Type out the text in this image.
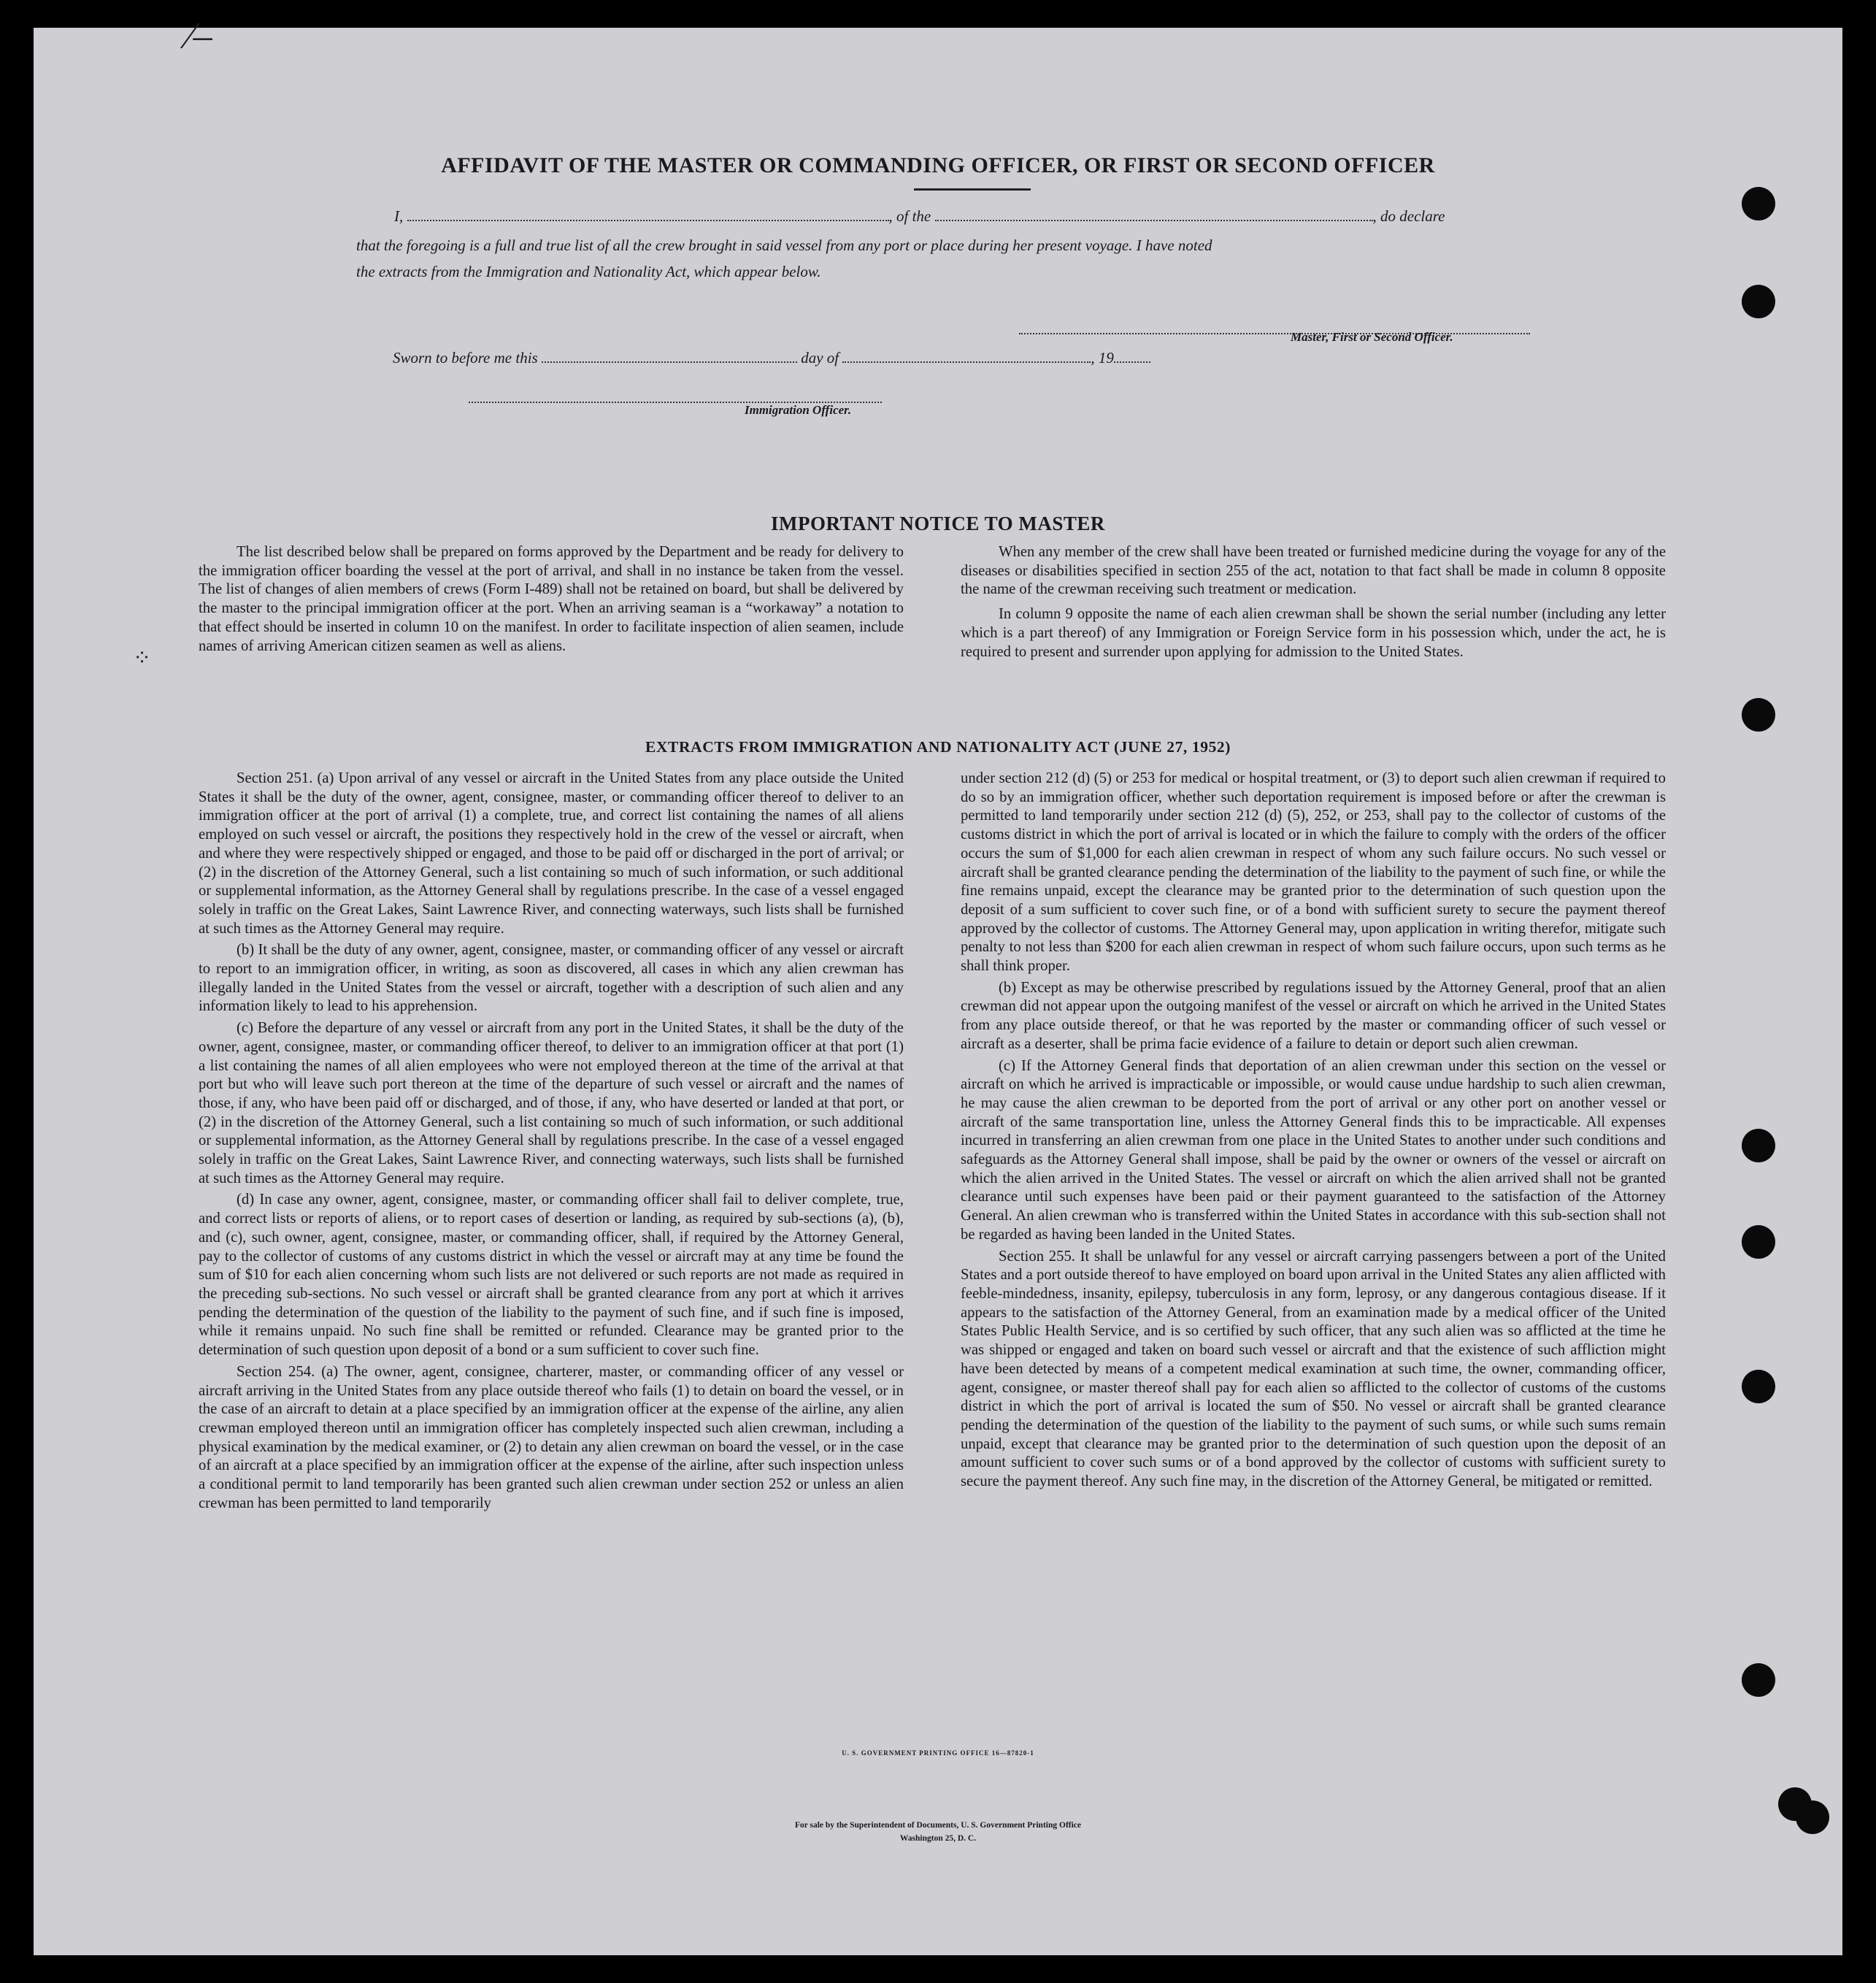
⁄–
AFFIDAVIT OF THE MASTER OR COMMANDING OFFICER, OR FIRST OR SECOND OFFICER
I,	, of the	, do declare
that the foregoing is a full and true list of all the crew brought in said vessel from any port or place during her present voyage. I have noted
the extracts from the Immigration and Nationality Act, which appear below.
Master, First or Second Officer.
Sworn to before me this	day of	, 19
Immigration Officer.
IMPORTANT NOTICE TO MASTER

The list described below shall be prepared on forms approved by the Department and be ready for delivery to the immigration officer boarding the vessel at the port of arrival, and shall in no instance be taken from the vessel. The list of changes of alien members of crews (Form I-489) shall not be retained on board, but shall be delivered by the master to the principal immigration officer at the port. When an arriving seaman is a “workaway” a notation to that effect should be inserted in column 10 on the manifest. In order to facilitate inspection of alien seamen, include names of arriving American citizen seamen as well as aliens.

When any member of the crew shall have been treated or furnished medicine during the voyage for any of the diseases or disabilities specified in section 255 of the act, notation to that fact shall be made in column 8 opposite the name of the crewman receiving such treatment or medication.

In column 9 opposite the name of each alien crewman shall be shown the serial number (including any letter which is a part thereof) of any Immigration or Foreign Service form in his possession which, under the act, he is required to present and surrender upon applying for admission to the United States.

⁘
EXTRACTS FROM IMMIGRATION AND NATIONALITY ACT (JUNE 27, 1952)

Section 251. (a) Upon arrival of any vessel or aircraft in the United States from any place outside the United States it shall be the duty of the owner, agent, consignee, master, or commanding officer thereof to deliver to an immigration officer at the port of arrival (1) a complete, true, and correct list containing the names of all aliens employed on such vessel or aircraft, the positions they respectively hold in the crew of the vessel or aircraft, when and where they were respectively shipped or engaged, and those to be paid off or discharged in the port of arrival; or (2) in the discretion of the Attorney General, such a list containing so much of such information, or such additional or supplemental information, as the Attorney General shall by regulations prescribe. In the case of a vessel engaged solely in traffic on the Great Lakes, Saint Lawrence River, and connecting waterways, such lists shall be furnished at such times as the Attorney General may require.

(b) It shall be the duty of any owner, agent, consignee, master, or commanding officer of any vessel or aircraft to report to an immigration officer, in writing, as soon as discovered, all cases in which any alien crewman has illegally landed in the United States from the vessel or aircraft, together with a description of such alien and any information likely to lead to his apprehension.

(c) Before the departure of any vessel or aircraft from any port in the United States, it shall be the duty of the owner, agent, consignee, master, or commanding officer thereof, to deliver to an immigration officer at that port (1) a list containing the names of all alien employees who were not employed thereon at the time of the arrival at that port but who will leave such port thereon at the time of the departure of such vessel or aircraft and the names of those, if any, who have been paid off or discharged, and of those, if any, who have deserted or landed at that port, or (2) in the discretion of the Attorney General, such a list containing so much of such information, or such additional or supplemental information, as the Attorney General shall by regulations prescribe. In the case of a vessel engaged solely in traffic on the Great Lakes, Saint Lawrence River, and connecting waterways, such lists shall be furnished at such times as the Attorney General may require.

(d) In case any owner, agent, consignee, master, or commanding officer shall fail to deliver complete, true, and correct lists or reports of aliens, or to report cases of desertion or landing, as required by sub-sections (a), (b), and (c), such owner, agent, consignee, master, or commanding officer, shall, if required by the Attorney General, pay to the collector of customs of any customs district in which the vessel or aircraft may at any time be found the sum of $10 for each alien concerning whom such lists are not delivered or such reports are not made as required in the preceding sub-sections. No such vessel or aircraft shall be granted clearance from any port at which it arrives pending the determination of the question of the liability to the payment of such fine, and if such fine is imposed, while it remains unpaid. No such fine shall be remitted or refunded. Clearance may be granted prior to the determination of such question upon deposit of a bond or a sum sufficient to cover such fine.

Section 254. (a) The owner, agent, consignee, charterer, master, or commanding officer of any vessel or aircraft arriving in the United States from any place outside thereof who fails (1) to detain on board the vessel, or in the case of an aircraft to detain at a place specified by an immigration officer at the expense of the airline, any alien crewman employed thereon until an immigration officer has completely inspected such alien crewman, including a physical examination by the medical examiner, or (2) to detain any alien crewman on board the vessel, or in the case of an aircraft at a place specified by an immigration officer at the expense of the airline, after such inspection unless a conditional permit to land temporarily has been granted such alien crewman under section 252 or unless an alien crewman has been permitted to land temporarily

under section 212 (d) (5) or 253 for medical or hospital treatment, or (3) to deport such alien crewman if required to do so by an immigration officer, whether such deportation requirement is imposed before or after the crewman is permitted to land temporarily under section 212 (d) (5), 252, or 253, shall pay to the collector of customs of the customs district in which the port of arrival is located or in which the failure to comply with the orders of the officer occurs the sum of $1,000 for each alien crewman in respect of whom any such failure occurs. No such vessel or aircraft shall be granted clearance pending the determination of the liability to the payment of such fine, or while the fine remains unpaid, except the clearance may be granted prior to the determination of such question upon the deposit of a sum sufficient to cover such fine, or of a bond with sufficient surety to secure the payment thereof approved by the collector of customs. The Attorney General may, upon application in writing therefor, mitigate such penalty to not less than $200 for each alien crewman in respect of whom such failure occurs, upon such terms as he shall think proper.

(b) Except as may be otherwise prescribed by regulations issued by the Attorney General, proof that an alien crewman did not appear upon the outgoing manifest of the vessel or aircraft on which he arrived in the United States from any place outside thereof, or that he was reported by the master or commanding officer of such vessel or aircraft as a deserter, shall be prima facie evidence of a failure to detain or deport such alien crewman.

(c) If the Attorney General finds that deportation of an alien crewman under this section on the vessel or aircraft on which he arrived is impracticable or impossible, or would cause undue hardship to such alien crewman, he may cause the alien crewman to be deported from the port of arrival or any other port on another vessel or aircraft of the same transportation line, unless the Attorney General finds this to be impracticable. All expenses incurred in transferring an alien crewman from one place in the United States to another under such conditions and safeguards as the Attorney General shall impose, shall be paid by the owner or owners of the vessel or aircraft on which the alien arrived in the United States. The vessel or aircraft on which the alien arrived shall not be granted clearance until such expenses have been paid or their payment guaranteed to the satisfaction of the Attorney General. An alien crewman who is transferred within the United States in accordance with this sub-section shall not be regarded as having been landed in the United States.

Section 255. It shall be unlawful for any vessel or aircraft carrying passengers between a port of the United States and a port outside thereof to have employed on board upon arrival in the United States any alien afflicted with feeble-mindedness, insanity, epilepsy, tuberculosis in any form, leprosy, or any dangerous contagious disease. If it appears to the satisfaction of the Attorney General, from an examination made by a medical officer of the United States Public Health Service, and is so certified by such officer, that any such alien was so afflicted at the time he was shipped or engaged and taken on board such vessel or aircraft and that the existence of such affliction might have been detected by means of a competent medical examination at such time, the owner, commanding officer, agent, consignee, or master thereof shall pay for each alien so afflicted to the collector of customs of the customs district in which the port of arrival is located the sum of $50. No vessel or aircraft shall be granted clearance pending the determination of the question of the liability to the payment of such sums, or while such sums remain unpaid, except that clearance may be granted prior to the determination of such question upon the deposit of an amount sufficient to cover such sums or of a bond approved by the collector of customs with sufficient surety to secure the payment thereof. Any such fine may, in the discretion of the Attorney General, be mitigated or remitted.

U. S. GOVERNMENT PRINTING OFFICE 16—87820-1
For sale by the Superintendent of Documents, U. S. Government Printing Office
Washington 25, D. C.
